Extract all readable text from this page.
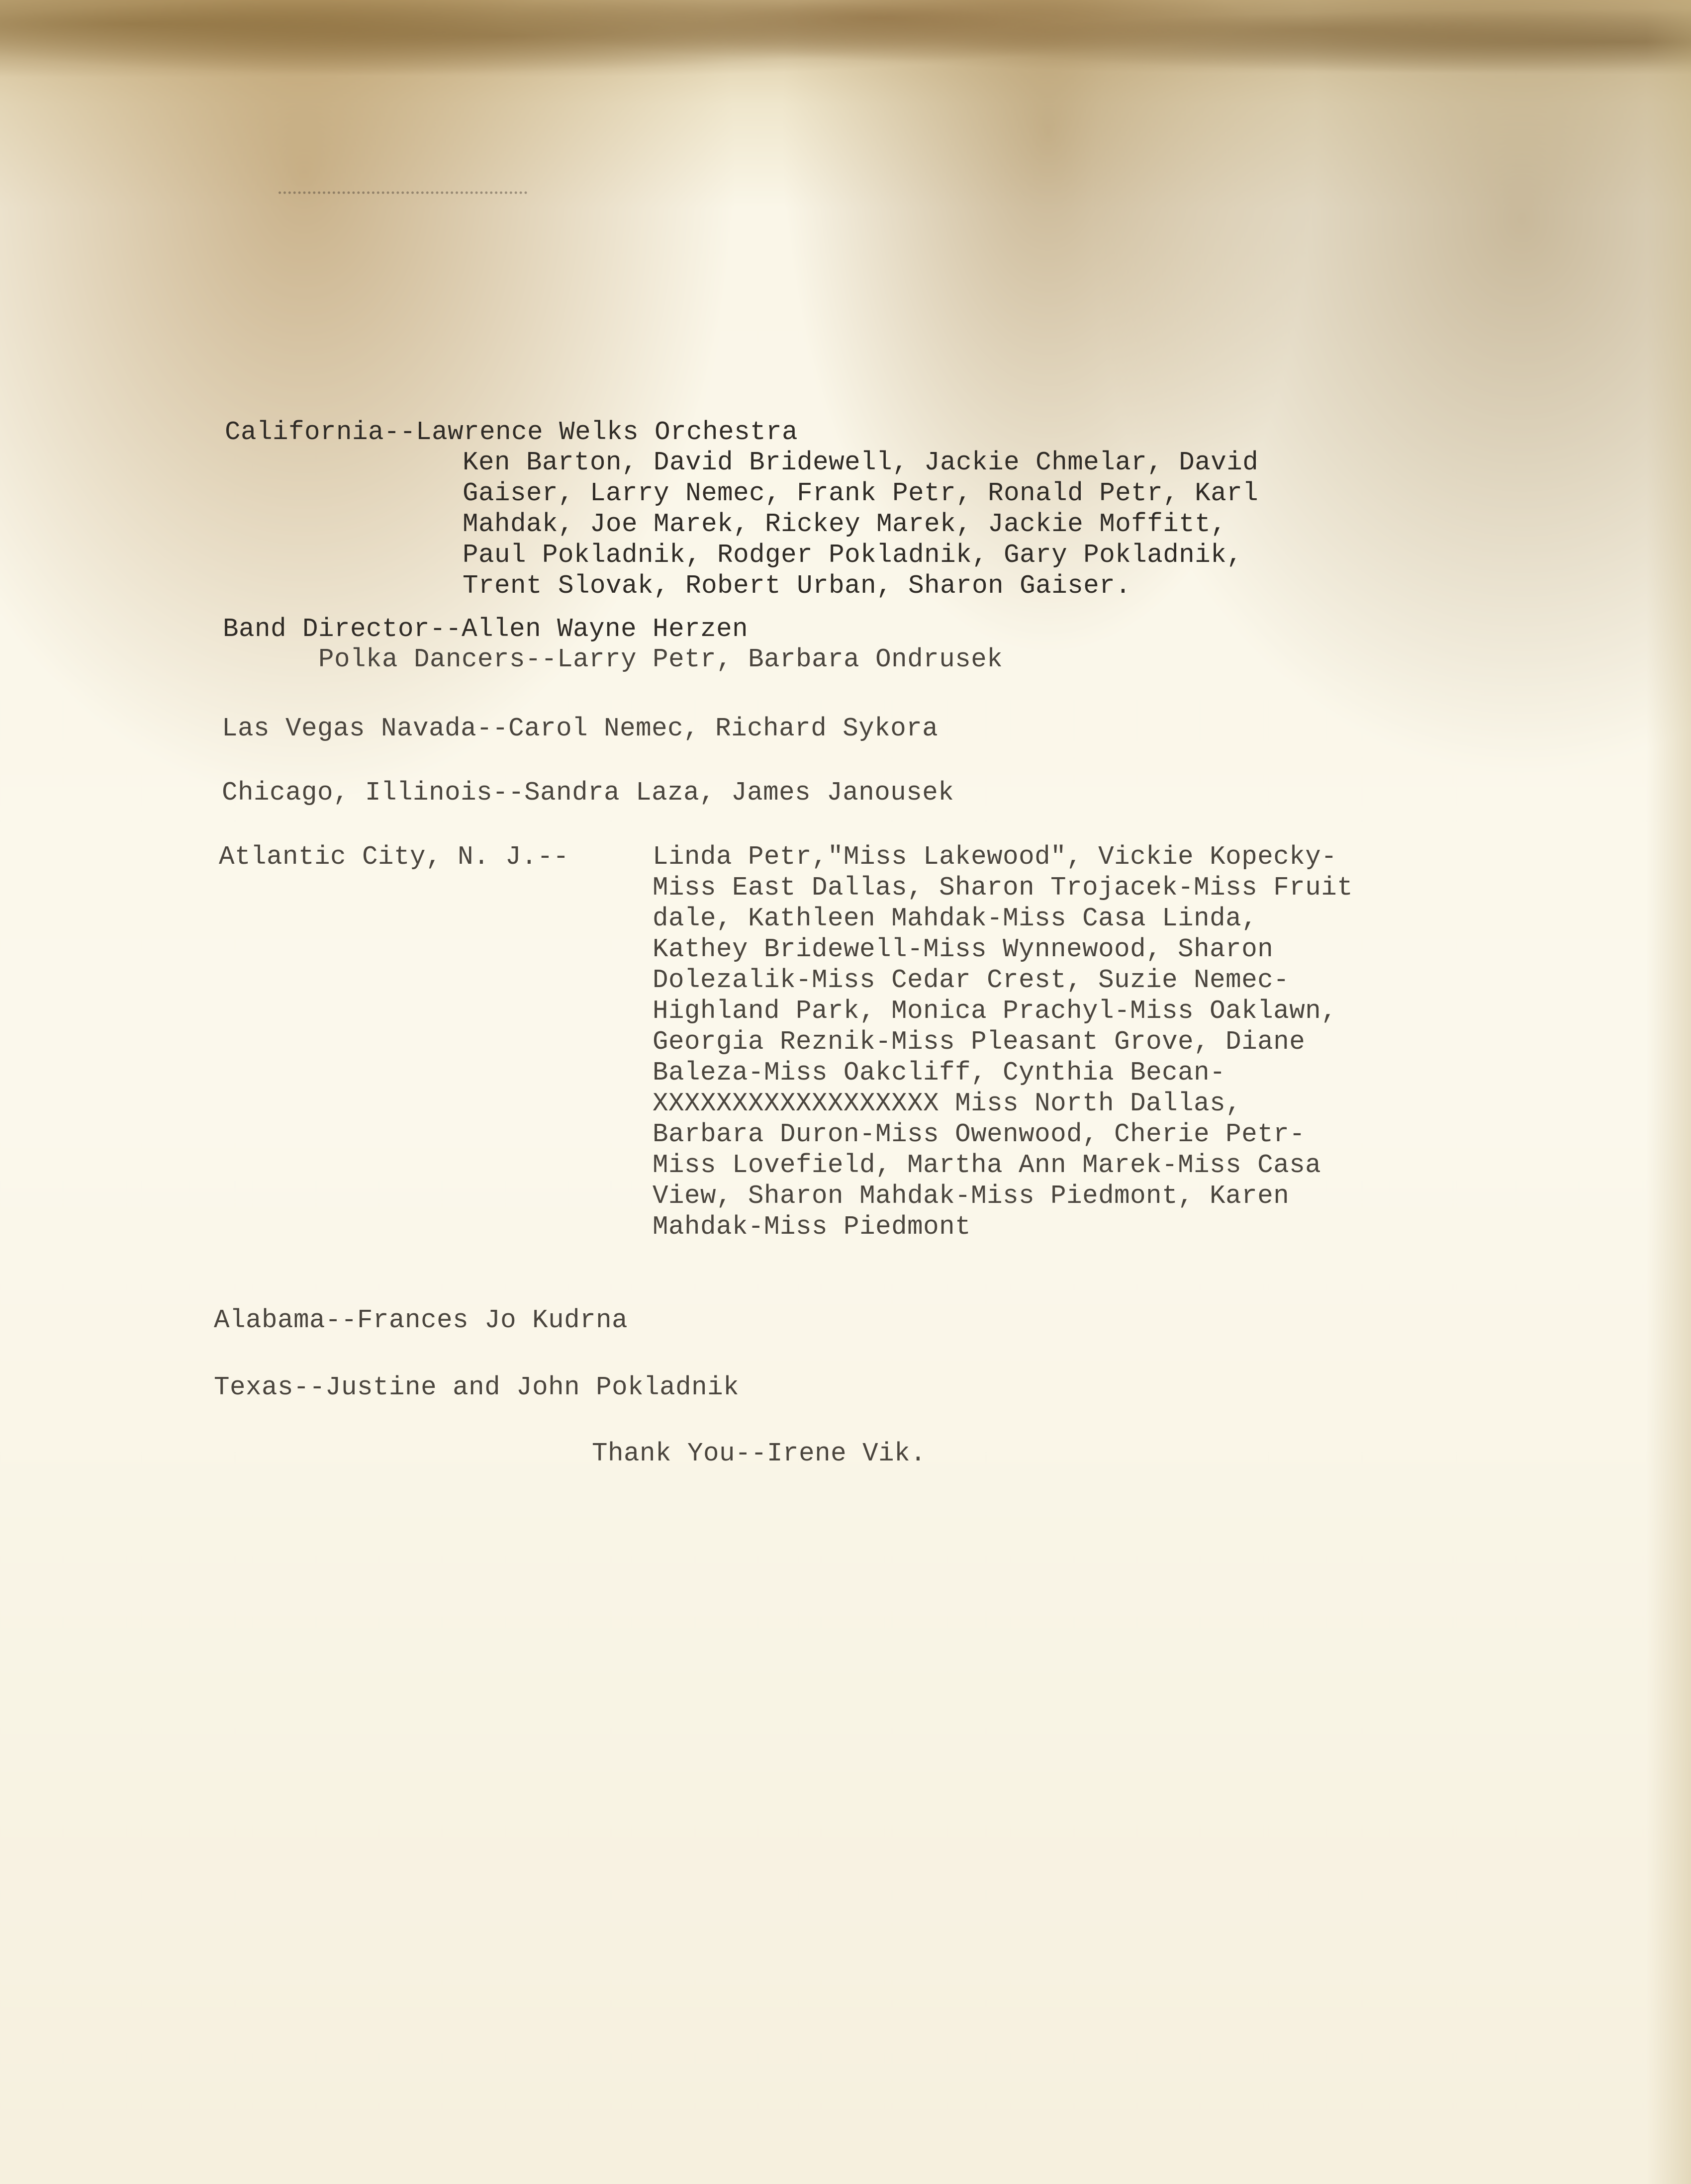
California--Lawrence Welks Orchestra

Ken Barton, David Bridewell, Jackie Chmelar, David
Gaiser, Larry Nemec, Frank Petr, Ronald Petr, Karl
Mahdak, Joe Marek, Rickey Marek, Jackie Moffitt,
Paul Pokladnik, Rodger Pokladnik, Gary Pokladnik,
Trent Slovak, Robert Urban, Sharon Gaiser.

Band Director--Allen Wayne Herzen

Polka Dancers--Larry Petr, Barbara Ondrusek

Las Vegas Navada--Carol Nemec, Richard Sykora

Chicago, Illinois--Sandra Laza, James Janousek

Atlantic City, N. J.--	Linda Petr,"Miss Lakewood", Vickie Kopecky-
Miss East Dallas, Sharon Trojacek-Miss Fruit
dale, Kathleen Mahdak-Miss Casa Linda,
Kathey Bridewell-Miss Wynnewood, Sharon
Dolezalik-Miss Cedar Crest, Suzie Nemec-
Highland Park, Monica Prachyl-Miss Oaklawn,
Georgia Reznik-Miss Pleasant Grove, Diane
Baleza-Miss Oakcliff, Cynthia Becan-
XXXXXXXXXXXXXXXXXX Miss North Dallas,
Barbara Duron-Miss Owenwood, Cherie Petr-
Miss Lovefield, Martha Ann Marek-Miss Casa
View, Sharon Mahdak-Miss Piedmont, Karen
Mahdak-Miss Piedmont

Alabama--Frances Jo Kudrna

Texas--Justine and John Pokladnik

Thank You--Irene Vik.
